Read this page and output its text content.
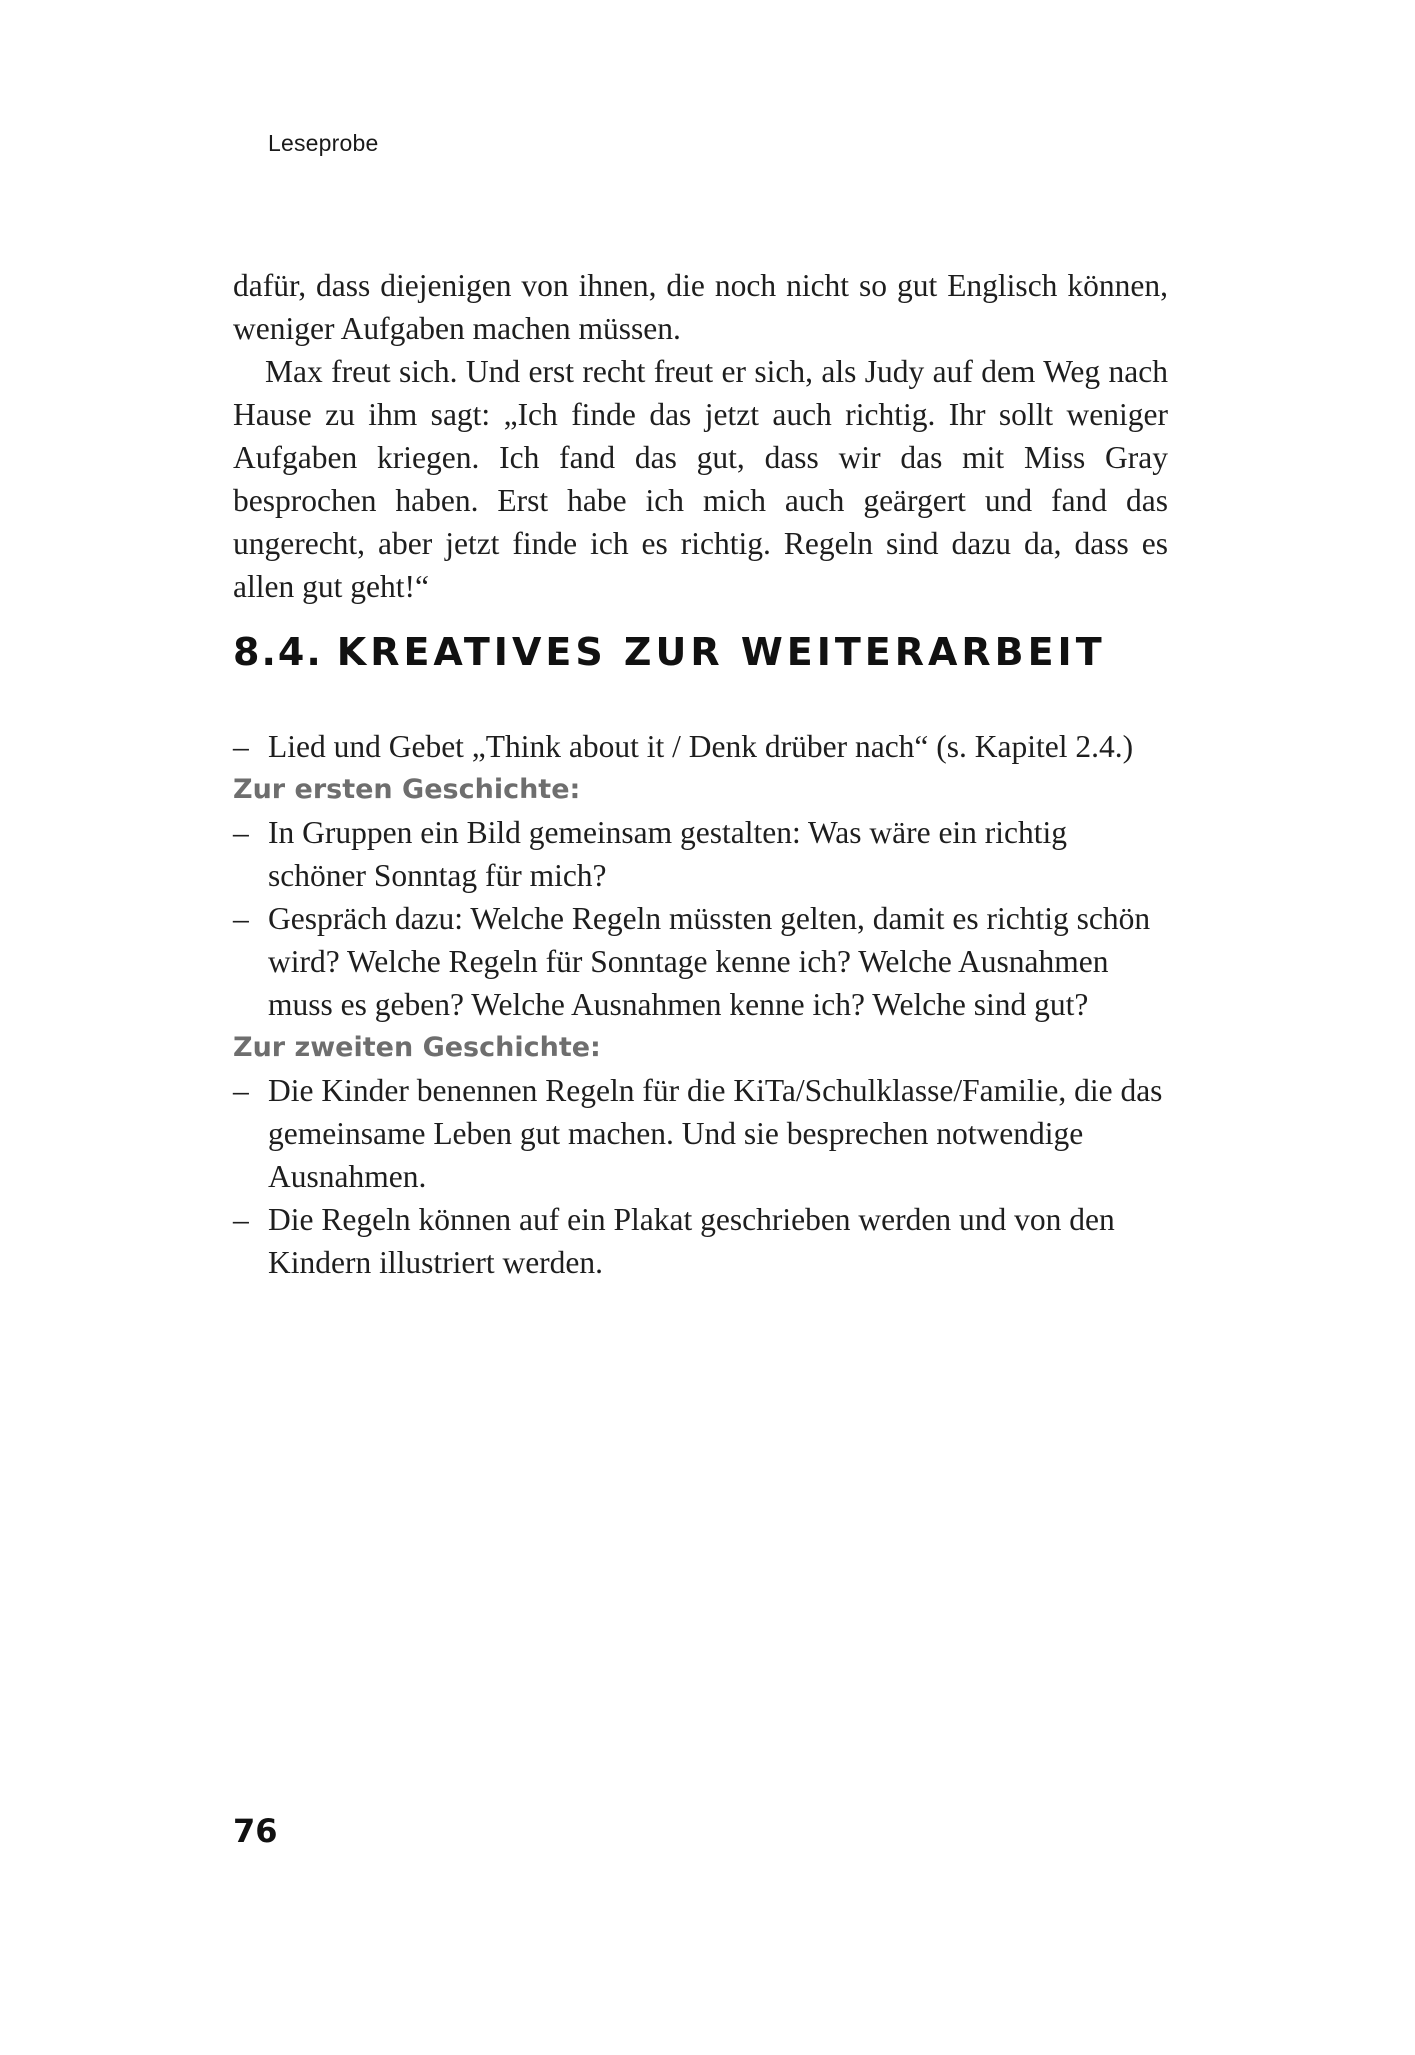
Leseprobe

dafür, dass diejenigen von ihnen, die noch nicht so gut Englisch können, weniger Aufgaben machen müssen.

Max freut sich. Und erst recht freut er sich, als Judy auf dem Weg nach Hause zu ihm sagt: „Ich finde das jetzt auch richtig. Ihr sollt weniger Aufgaben kriegen. Ich fand das gut, dass wir das mit Miss Gray besprochen haben. Erst habe ich mich auch geärgert und fand das ungerecht, aber jetzt finde ich es richtig. Regeln sind dazu da, dass es allen gut geht!“

8.4. KREATIVES ZUR WEITERARBEIT
– Lied und Gebet „Think about it / Denk drüber nach“ (s. Kapitel 2.4.)
Zur ersten Geschichte:
– In Gruppen ein Bild gemeinsam gestalten: Was wäre ein richtig schöner Sonntag für mich?
– Gespräch dazu: Welche Regeln müssten gelten, damit es richtig schön wird? Welche Regeln für Sonntage kenne ich? Welche Ausnahmen muss es geben? Welche Ausnahmen kenne ich? Welche sind gut?
Zur zweiten Geschichte:
– Die Kinder benennen Regeln für die KiTa/Schulklasse/Familie, die das gemeinsame Leben gut machen. Und sie besprechen notwendige Ausnahmen.
– Die Regeln können auf ein Plakat geschrieben werden und von den Kindern illustriert werden.
76
